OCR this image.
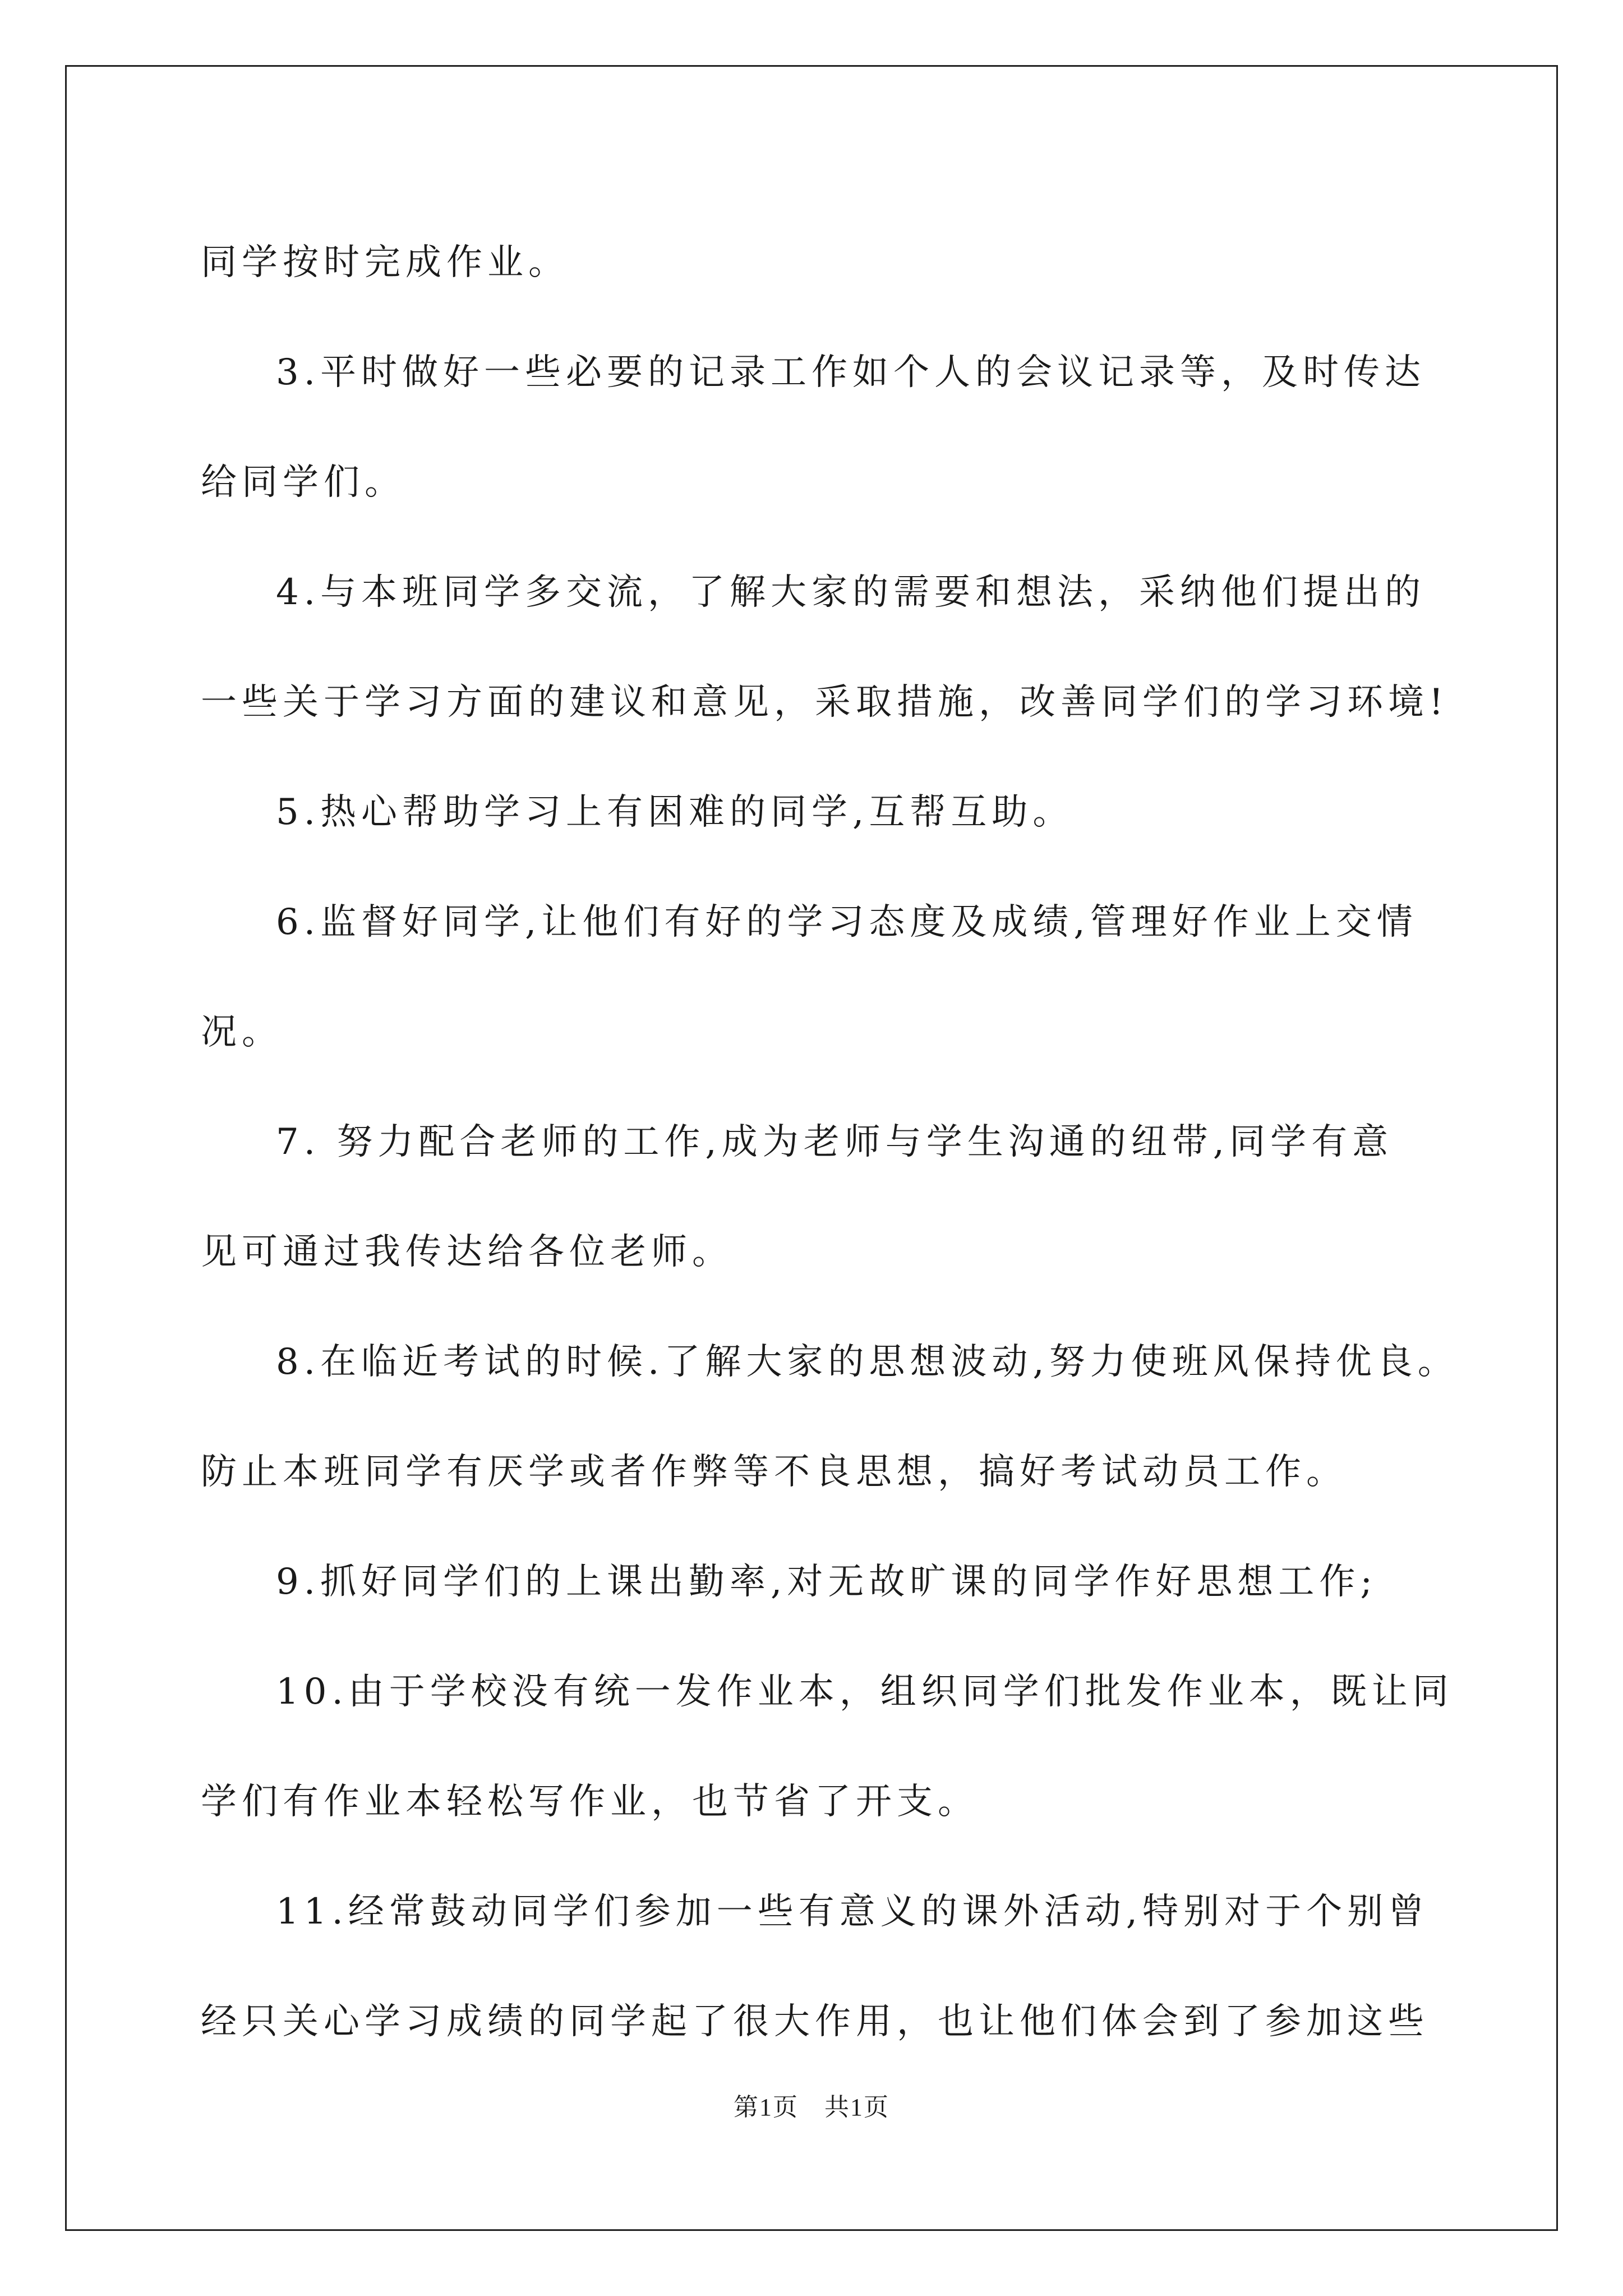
同学按时完成作业。

3.平时做好一些必要的记录工作如个人的会议记录等，及时传达

给同学们。

4.与本班同学多交流，了解大家的需要和想法，采纳他们提出的

一些关于学习方面的建议和意见，采取措施，改善同学们的学习环境!

5.热心帮助学习上有困难的同学,互帮互助。

6.监督好同学,让他们有好的学习态度及成绩,管理好作业上交情

况。

7. 努力配合老师的工作,成为老师与学生沟通的纽带,同学有意

见可通过我传达给各位老师。

8.在临近考试的时候.了解大家的思想波动,努力使班风保持优良。

防止本班同学有厌学或者作弊等不良思想，搞好考试动员工作。

9.抓好同学们的上课出勤率,对无故旷课的同学作好思想工作;

10.由于学校没有统一发作业本，组织同学们批发作业本，既让同

学们有作业本轻松写作业，也节省了开支。

11.经常鼓动同学们参加一些有意义的课外活动,特别对于个别曾

经只关心学习成绩的同学起了很大作用，也让他们体会到了参加这些

第1页　共1页
